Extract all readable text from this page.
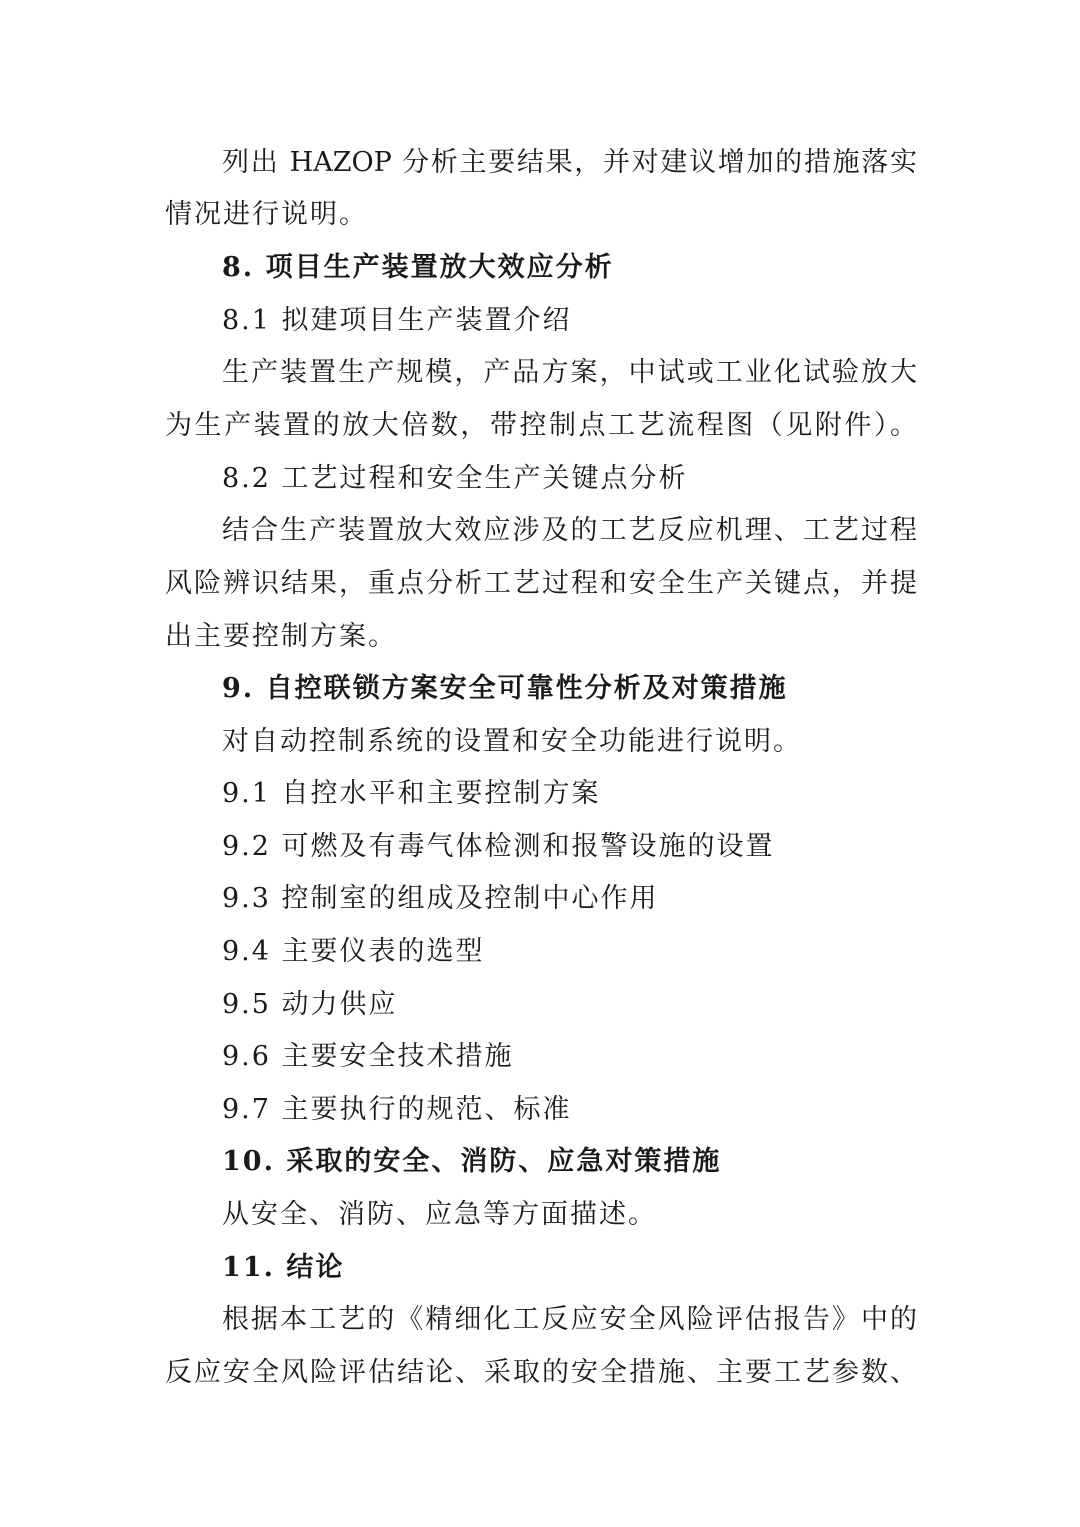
列出 HAZOP 分析主要结果，并对建议增加的措施落实
情况进行说明。
8. 项目生产装置放大效应分析
8.1 拟建项目生产装置介绍
生产装置生产规模，产品方案，中试或工业化试验放大
为生产装置的放大倍数，带控制点工艺流程图（见附件）。
8.2 工艺过程和安全生产关键点分析
结合生产装置放大效应涉及的工艺反应机理、工艺过程
风险辨识结果，重点分析工艺过程和安全生产关键点，并提
出主要控制方案。
9. 自控联锁方案安全可靠性分析及对策措施
对自动控制系统的设置和安全功能进行说明。
9.1 自控水平和主要控制方案
9.2 可燃及有毒气体检测和报警设施的设置
9.3 控制室的组成及控制中心作用
9.4 主要仪表的选型
9.5 动力供应
9.6 主要安全技术措施
9.7 主要执行的规范、标准
10. 采取的安全、消防、应急对策措施
从安全、消防、应急等方面描述。
11. 结论
根据本工艺的《精细化工反应安全风险评估报告》中的
反应安全风险评估结论、采取的安全措施、主要工艺参数、
